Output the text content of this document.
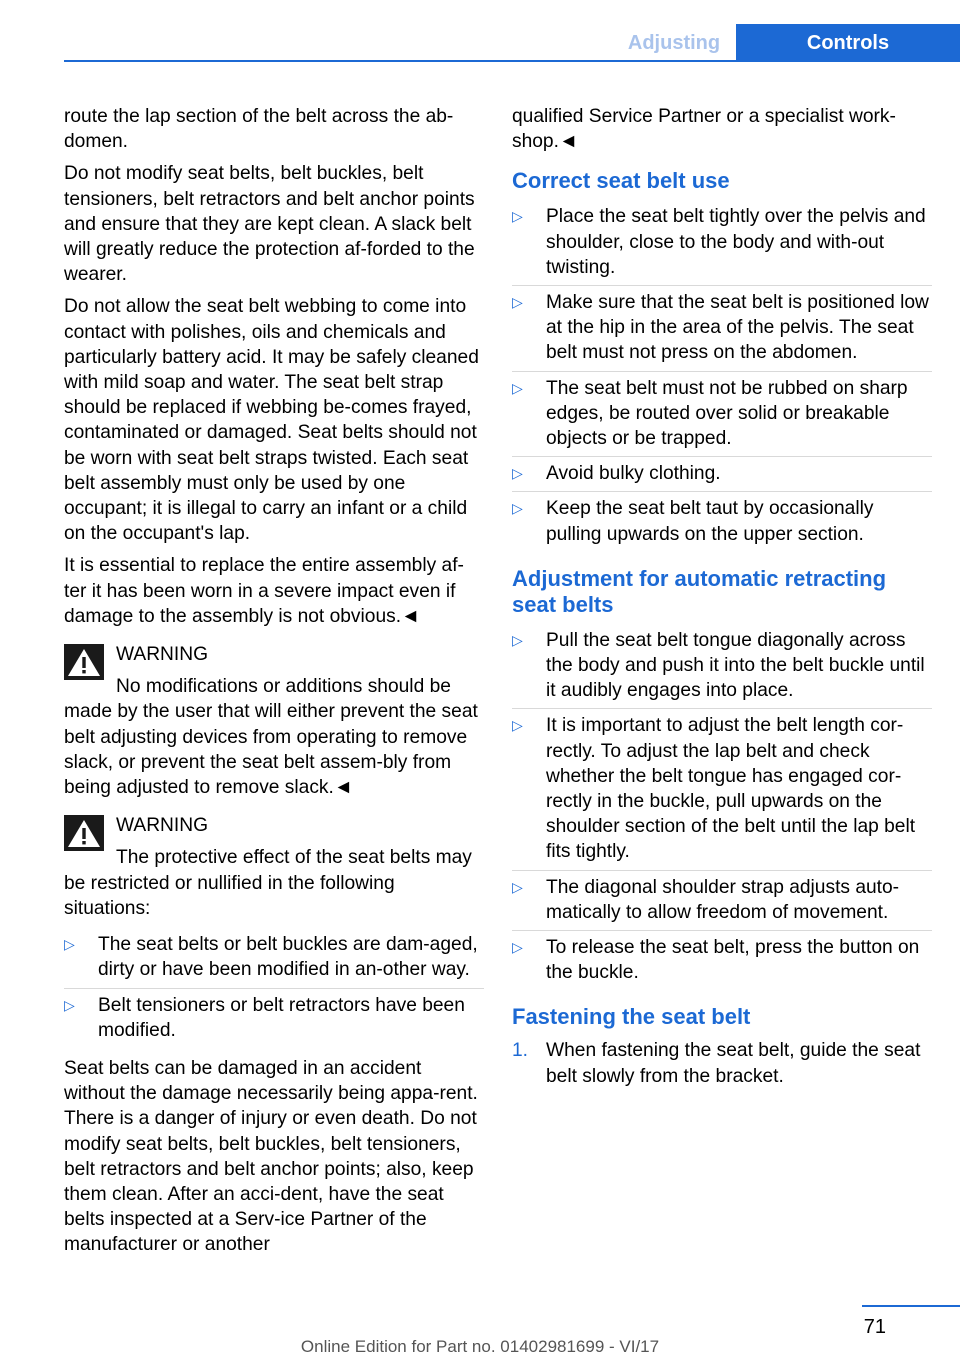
Adjusting	Controls

route the lap section of the belt across the ab-domen.

Do not modify seat belts, belt buckles, belt tensioners, belt retractors and belt anchor points and ensure that they are kept clean. A slack belt will greatly reduce the protection af-forded to the wearer.

Do not allow the seat belt webbing to come into contact with polishes, oils and chemicals and particularly battery acid. It may be safely cleaned with mild soap and water. The seat belt strap should be replaced if webbing be-comes frayed, contaminated or damaged. Seat belts should not be worn with seat belt straps twisted. Each seat belt assembly must only be used by one occupant; it is illegal to carry an infant or a child on the occupant's lap.

It is essential to replace the entire assembly af-ter it has been worn in a severe impact even if damage to the assembly is not obvious.◄

WARNING

No modifications or additions should be made by the user that will either prevent the seat belt adjusting devices from operating to remove slack, or prevent the seat belt assem-bly from being adjusted to remove slack.◄

WARNING

The protective effect of the seat belts may be restricted or nullified in the following situations:

▷ The seat belts or belt buckles are dam-aged, dirty or have been modified in an-other way.
▷ Belt tensioners or belt retractors have been modified.

Seat belts can be damaged in an accident without the damage necessarily being appa-rent. There is a danger of injury or even death. Do not modify seat belts, belt buckles, belt tensioners, belt retractors and belt anchor points; also, keep them clean. After an acci-dent, have the seat belts inspected at a Serv-ice Partner of the manufacturer or another

qualified Service Partner or a specialist work-shop.◄

Correct seat belt use
▷ Place the seat belt tightly over the pelvis and shoulder, close to the body and with-out twisting.
▷ Make sure that the seat belt is positioned low at the hip in the area of the pelvis. The seat belt must not press on the abdomen.
▷ The seat belt must not be rubbed on sharp edges, be routed over solid or breakable objects or be trapped.
▷ Avoid bulky clothing.
▷ Keep the seat belt taut by occasionally pulling upwards on the upper section.
Adjustment for automatic retracting seat belts
▷ Pull the seat belt tongue diagonally across the body and push it into the belt buckle until it audibly engages into place.
▷ It is important to adjust the belt length cor-rectly. To adjust the lap belt and check whether the belt tongue has engaged cor-rectly in the buckle, pull upwards on the shoulder section of the belt until the lap belt fits tightly.
▷ The diagonal shoulder strap adjusts auto-matically to allow freedom of movement.
▷ To release the seat belt, press the button on the buckle.
Fastening the seat belt
1. When fastening the seat belt, guide the seat belt slowly from the bracket.
71
Online Edition for Part no. 01402981699 - VI/17
